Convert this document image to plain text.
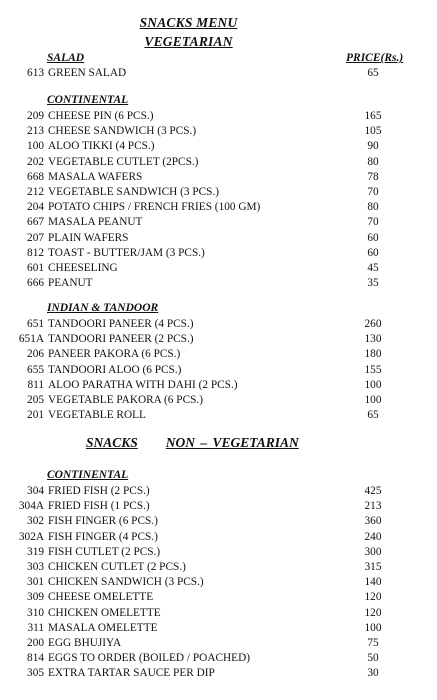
SNACKS MENU
VEGETARIAN
PRICE(Rs.)
SALAD
613 GREEN SALAD	65
CONTINENTAL
209 CHEESE PIN (6 PCS.)	165
213 CHEESE SANDWICH (3 PCS.)	105
100 ALOO TIKKI (4 PCS.)	90
202 VEGETABLE CUTLET (2PCS.)	80
668 MASALA WAFERS	78
212 VEGETABLE SANDWICH (3 PCS.)	70
204 POTATO CHIPS / FRENCH FRIES (100 GM)	80
667 MASALA PEANUT	70
207 PLAIN WAFERS	60
812 TOAST - BUTTER/JAM (3 PCS.)	60
601 CHEESELING	45
666 PEANUT	35
INDIAN & TANDOOR
651 TANDOORI PANEER (4 PCS.)	260
651A TANDOORI PANEER (2 PCS.)	130
206 PANEER PAKORA (6 PCS.)	180
655 TANDOORI ALOO (6 PCS.)	155
811 ALOO PARATHA WITH DAHI (2 PCS.)	100
205 VEGETABLE PAKORA (6 PCS.)	100
201 VEGETABLE ROLL	65
SNACKS NON – VEGETARIAN
CONTINENTAL
304 FRIED FISH (2 PCS.)	425
304A FRIED FISH (1 PCS.)	213
302 FISH FINGER (6 PCS.)	360
302A FISH FINGER (4 PCS.)	240
319 FISH CUTLET (2 PCS.)	300
303 CHICKEN CUTLET (2 PCS.)	315
301 CHICKEN SANDWICH (3 PCS.)	140
309 CHEESE OMELETTE	120
310 CHICKEN OMELETTE	120
311 MASALA OMELETTE	100
200 EGG BHUJIYA	75
814 EGGS TO ORDER (BOILED / POACHED)	50
305 EXTRA TARTAR SAUCE PER DIP	30
